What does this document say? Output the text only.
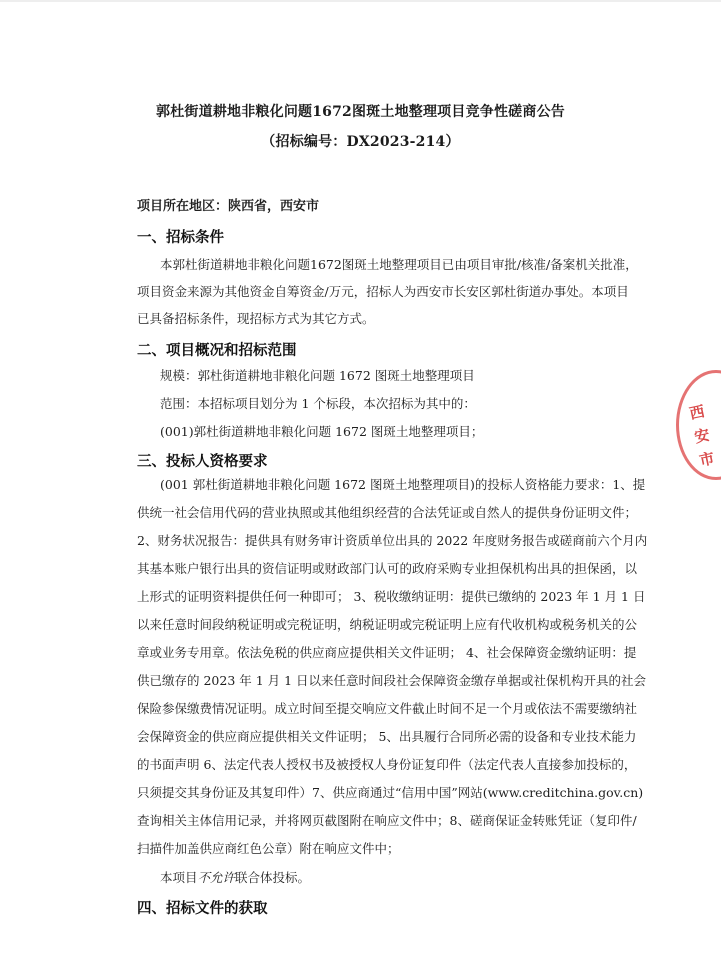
郭杜街道耕地非粮化问题1672图斑土地整理项目竞争性磋商公告
（招标编号：DX2023-214）
项目所在地区：陕西省，西安市
一、招标条件
本郭杜街道耕地非粮化问题1672图斑土地整理项目已由项目审批/核准/备案机关批准，
项目资金来源为其他资金自筹资金/万元，招标人为西安市长安区郭杜街道办事处。本项目
已具备招标条件，现招标方式为其它方式。
二、项目概况和招标范围
规模：郭杜街道耕地非粮化问题 1672 图斑土地整理项目
范围：本招标项目划分为 1 个标段，本次招标为其中的：
(001)郭杜街道耕地非粮化问题 1672 图斑土地整理项目；
三、投标人资格要求
(001 郭杜街道耕地非粮化问题 1672 图斑土地整理项目)的投标人资格能力要求：1、提
供统一社会信用代码的营业执照或其他组织经营的合法凭证或自然人的提供身份证明文件；
2、财务状况报告：提供具有财务审计资质单位出具的 2022 年度财务报告或磋商前六个月内
其基本账户银行出具的资信证明或财政部门认可的政府采购专业担保机构出具的担保函，以
上形式的证明资料提供任何一种即可； 3、税收缴纳证明：提供已缴纳的 2023 年 1 月 1 日
以来任意时间段纳税证明或完税证明，纳税证明或完税证明上应有代收机构或税务机关的公
章或业务专用章。依法免税的供应商应提供相关文件证明； 4、社会保障资金缴纳证明：提
供已缴存的 2023 年 1 月 1 日以来任意时间段社会保障资金缴存单据或社保机构开具的社会
保险参保缴费情况证明。成立时间至提交响应文件截止时间不足一个月或依法不需要缴纳社
会保障资金的供应商应提供相关文件证明； 5、出具履行合同所必需的设备和专业技术能力
的书面声明 6、法定代表人授权书及被授权人身份证复印件（法定代表人直接参加投标的，
只须提交其身份证及其复印件）7、供应商通过“信用中国”网站(www.creditchina.gov.cn)
查询相关主体信用记录，并将网页截图附在响应文件中；8、磋商保证金转账凭证（复印件/
扫描件加盖供应商红色公章）附在响应文件中；
本项目不允许联合体投标。
四、招标文件的获取
西安市
